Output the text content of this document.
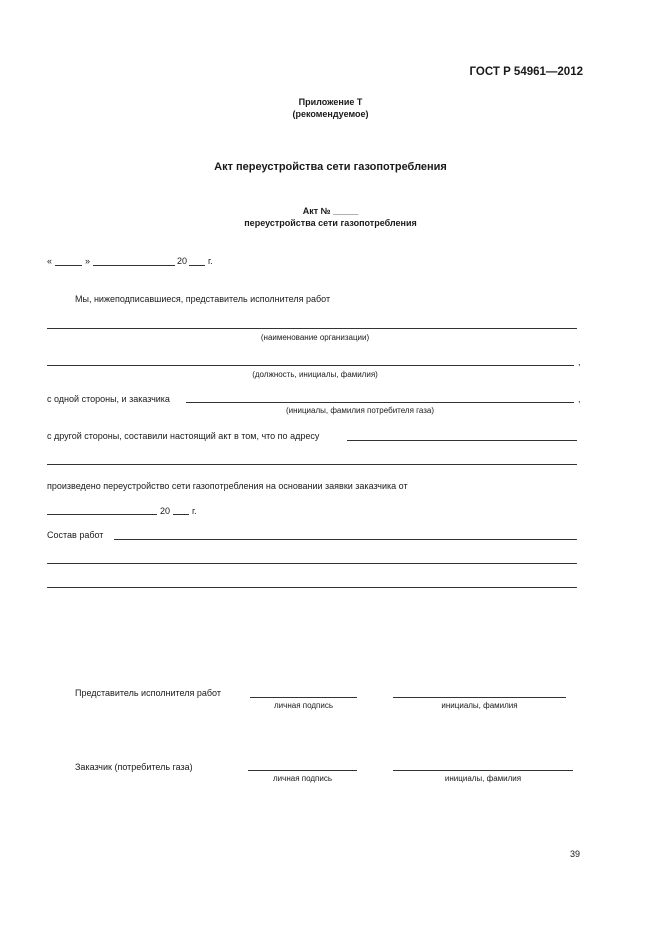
ГОСТ Р 54961—2012
Приложение Т
(рекомендуемое)
Акт переустройства сети газопотребления
Акт № _____
переустройства сети газопотребления
«	»	20 г.
Мы, нижеподписавшиеся, представитель исполнителя работ
(наименование организации)
,
(должность, инициалы, фамилия)
с одной стороны, и заказчика	,
(инициалы, фамилия потребителя газа)
с другой стороны, составили настоящий акт в том, что по адресу
произведено переустройство сети газопотребления на основании заявки заказчика от
20 г.
Состав работ
Представитель исполнителя работ
личная подпись	инициалы, фамилия
Заказчик (потребитель газа)
личная подпись	инициалы, фамилия
39
